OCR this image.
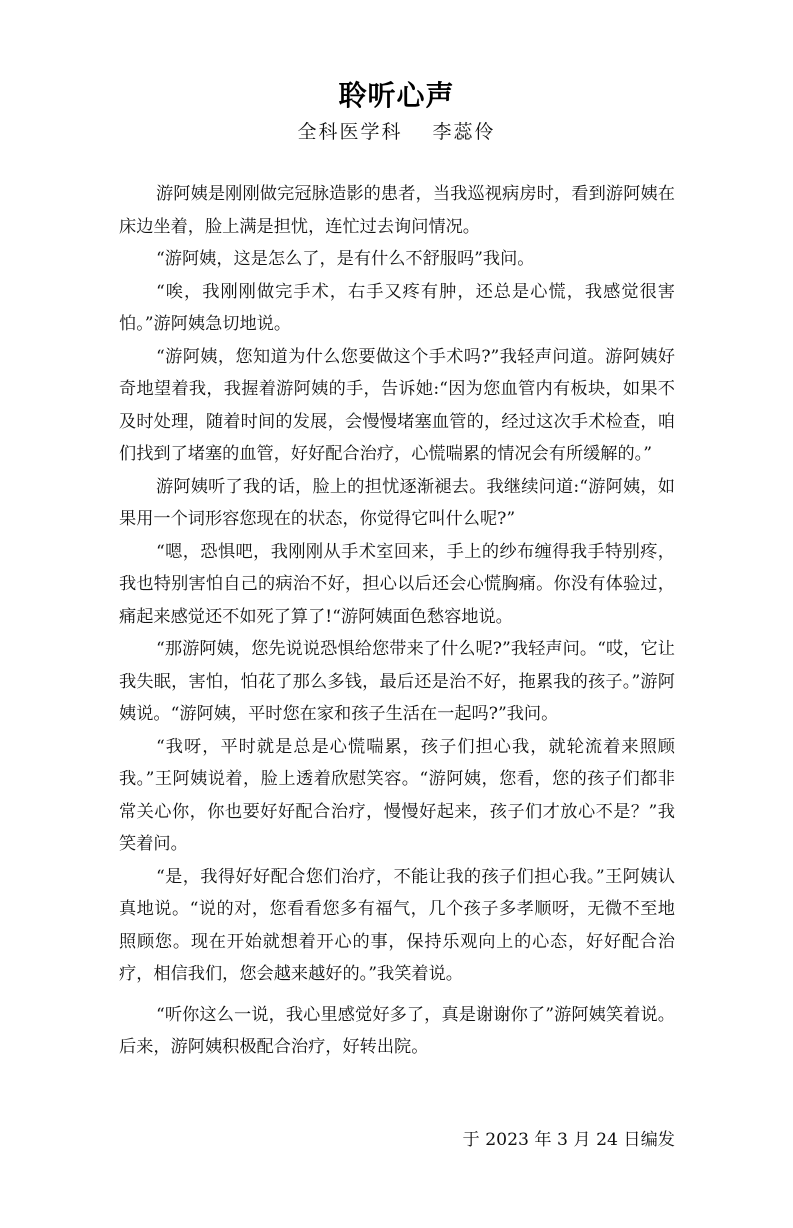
聆听心声
全科医学科 李蕊伶

游阿姨是刚刚做完冠脉造影的患者，当我巡视病房时，看到游阿姨在床边坐着，脸上满是担忧，连忙过去询问情况。

“游阿姨，这是怎么了，是有什么不舒服吗”我问。

“唉，我刚刚做完手术，右手又疼有肿，还总是心慌，我感觉很害怕。”游阿姨急切地说。

“游阿姨，您知道为什么您要做这个手术吗?”我轻声问道。游阿姨好奇地望着我，我握着游阿姨的手，告诉她:“因为您血管内有板块，如果不及时处理，随着时间的发展，会慢慢堵塞血管的，经过这次手术检查，咱们找到了堵塞的血管，好好配合治疗，心慌喘累的情况会有所缓解的。”

游阿姨听了我的话，脸上的担忧逐渐褪去。我继续问道:“游阿姨，如果用一个词形容您现在的状态，你觉得它叫什么呢?”

“嗯，恐惧吧，我刚刚从手术室回来，手上的纱布缠得我手特别疼，我也特别害怕自己的病治不好，担心以后还会心慌胸痛。你没有体验过，痛起来感觉还不如死了算了!“游阿姨面色愁容地说。

“那游阿姨，您先说说恐惧给您带来了什么呢?”我轻声问。“哎，它让我失眠，害怕，怕花了那么多钱，最后还是治不好，拖累我的孩子。”游阿姨说。“游阿姨，平时您在家和孩子生活在一起吗?”我问。

“我呀，平时就是总是心慌喘累，孩子们担心我，就轮流着来照顾我。”王阿姨说着，脸上透着欣慰笑容。“游阿姨，您看，您的孩子们都非常关心你，你也要好好配合治疗，慢慢好起来，孩子们才放心不是？”我笑着问。

“是，我得好好配合您们治疗，不能让我的孩子们担心我。”王阿姨认真地说。“说的对，您看看您多有福气，几个孩子多孝顺呀，无微不至地照顾您。现在开始就想着开心的事，保持乐观向上的心态，好好配合治疗，相信我们，您会越来越好的。”我笑着说。

“听你这么一说，我心里感觉好多了，真是谢谢你了”游阿姨笑着说。后来，游阿姨积极配合治疗，好转出院。

于 2023 年 3 月 24 日编发
